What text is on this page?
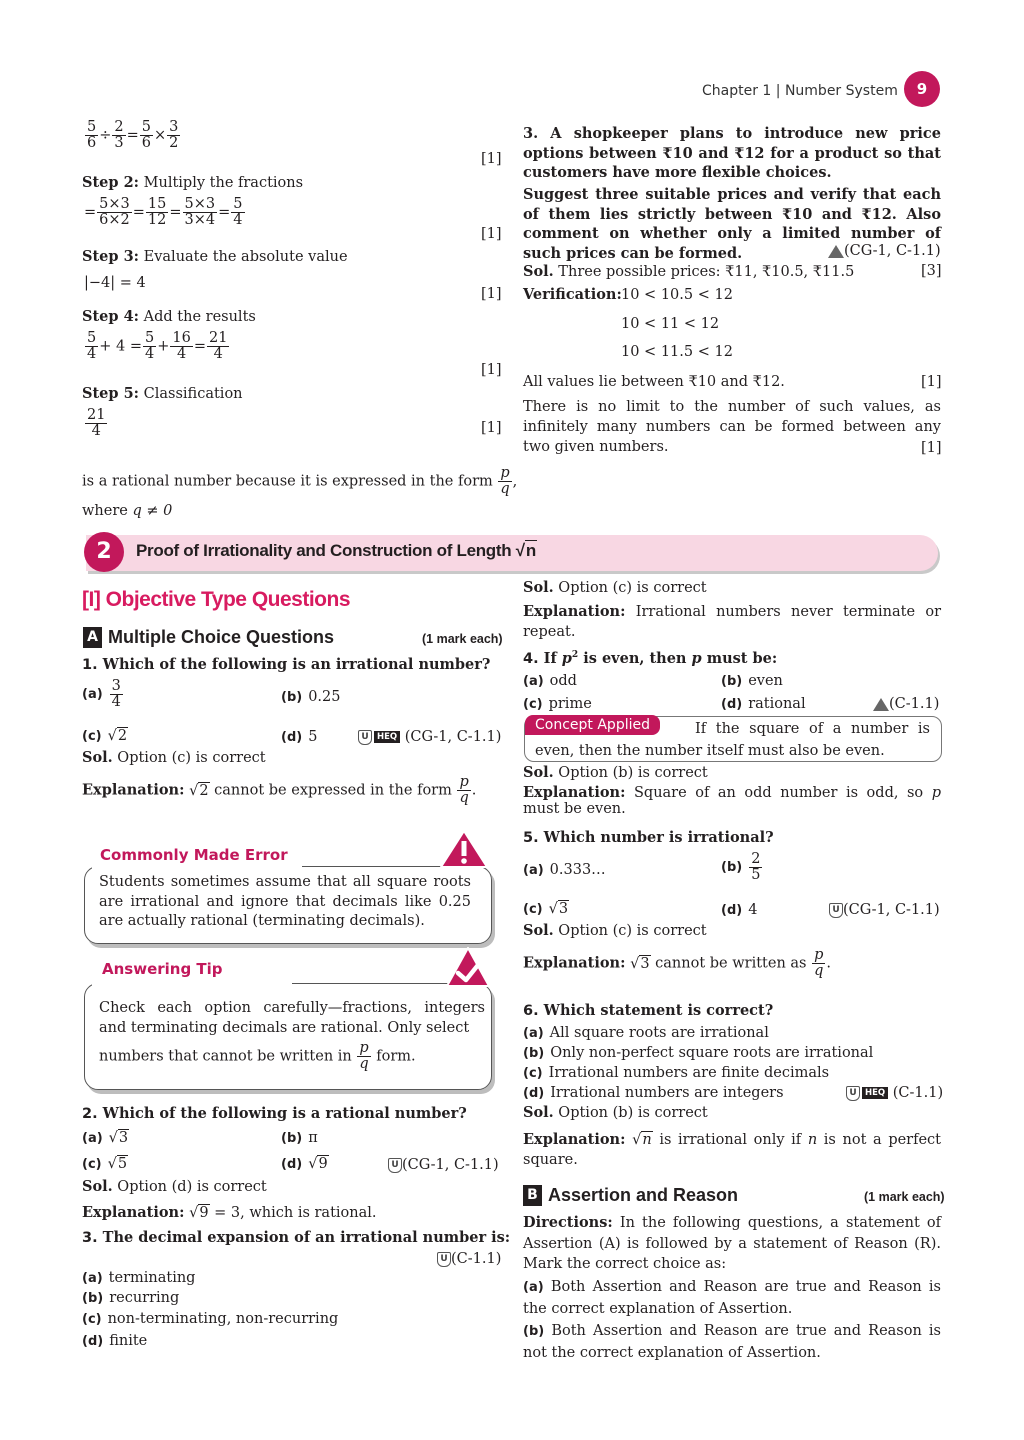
Chapter 1 | Number System	9
$\frac{5}{6} \div \frac{2}{3} = \frac{5}{6} \times \frac{3}{2}$
[1]
Step 2: Multiply the fractions
= $\frac{5\times 3}{6\times 2} = \frac{15}{12} = \frac{5\times 3}{3\times 4} = \frac{5}{4}$
[1]
Step 3: Evaluate the absolute value
|−4| = 4
[1]
Step 4: Add the results
$\frac{5}{4} + 4 = \frac{5}{4} + \frac{16}{4} = \frac{21}{4}$
[1]
Step 5: Classification
$\frac{21}{4}$	[1]
is a rational number because it is expressed in the form $\frac{p}{q}$ ,
where q ≠ 0
3. A shopkeeper plans to introduce new price options between ₹10 and ₹12 for a product so that customers have more flexible choices.
Suggest three suitable prices and verify that each of them lies strictly between ₹10 and ₹12. Also comment on whether only a limited number of such prices can be formed.	(CG-1, C-1.1)
Sol. Three possible prices: ₹11, ₹10.5, ₹11.5	[3]
Verification: 10 < 10.5 < 12
10 < 11 < 12
10 < 11.5 < 12
All values lie between ₹10 and ₹12.	[1]
There is no limit to the number of such values, as infinitely many numbers can be formed between any two given numbers.	[1]
2	Proof of Irrationality and Construction of Length √n
[I] Objective Type Questions
A Multiple Choice Questions	(1 mark each)
1. Which of the following is an irrational number?
$(a) \frac{3}{4}$	(b) 0.25
(c) √2	(d) 5	U HEQ (CG-1, C-1.1)
Sol. Option (c) is correct
Explanation: √2 cannot be expressed in the form $\frac{p}{q}$ .
Commonly Made Error
Students sometimes assume that all square roots are irrational and ignore that decimals like 0.25 are actually rational (terminating decimals).
Answering Tip
Check each option carefully—fractions, integers and terminating decimals are rational. Only select
numbers that cannot be written in $\frac{p}{q}$ form.
2. Which of the following is a rational number?
(a) √3	(b) π
(c) √5	(d) √9	U (CG-1, C-1.1)
Sol. Option (d) is correct
Explanation: √9 = 3, which is rational.
3. The decimal expansion of an irrational number is:
U (C-1.1)
(a) terminating
(b) recurring
(c) non-terminating, non-recurring
(d) finite
Sol. Option (c) is correct
Explanation: Irrational numbers never terminate or repeat.
4. If $p^2$ is even, then p must be:
(a) odd	(b) even
(c) prime	(d) rational	(C-1.1)
Concept Applied	If the square of a number is even, then the number itself must also be even.
Sol. Option (b) is correct
Explanation: Square of an odd number is odd, so p must be even.
5. Which number is irrational?
(a) 0.333…	$(b) \frac{2}{5}$
(c) √3	(d) 4	U (CG-1, C-1.1)
Sol. Option (c) is correct
Explanation: √3 cannot be written as $\frac{p}{q}$ .
6. Which statement is correct?
(a) All square roots are irrational
(b) Only non-perfect square roots are irrational
(c) Irrational numbers are finite decimals
(d) Irrational numbers are integers	U HEQ (C-1.1)
Sol. Option (b) is correct
Explanation: √n is irrational only if n is not a perfect square.
B Assertion and Reason	(1 mark each)
Directions: In the following questions, a statement of Assertion (A) is followed by a statement of Reason (R). Mark the correct choice as:
(a) Both Assertion and Reason are true and Reason is the correct explanation of Assertion.
(b) Both Assertion and Reason are true and Reason is not the correct explanation of Assertion.
